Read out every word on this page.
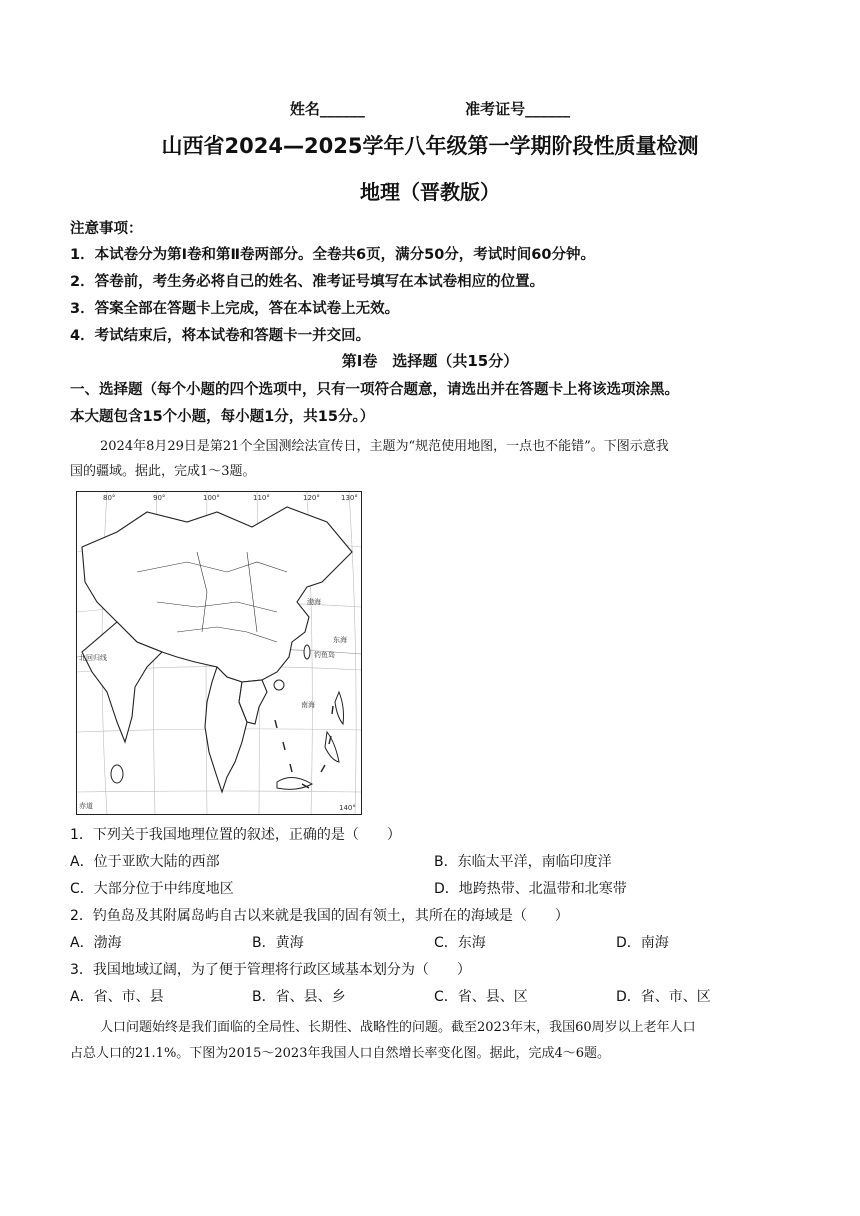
姓名______	准考证号______
山西省2024—2025学年八年级第一学期阶段性质量检测
地理（晋教版）
注意事项：
1．本试卷分为第Ⅰ卷和第Ⅱ卷两部分。全卷共6页，满分50分，考试时间60分钟。
2．答卷前，考生务必将自己的姓名、准考证号填写在本试卷相应的位置。
3．答案全部在答题卡上完成，答在本试卷上无效。
4．考试结束后，将本试卷和答题卡一并交回。
第Ⅰ卷　选择题（共15分）
一、选择题（每个小题的四个选项中，只有一项符合题意，请选出并在答题卡上将该选项涂黑。
本大题包含15个小题，每小题1分，共15分。）
2024年8月29日是第21个全国测绘法宣传日，主题为“规范使用地图，一点也不能错”。下图示意我
国的疆域。据此，完成1～3题。
渤海
东海
钓鱼岛
南海
北回归线
赤道
80°	90°	100°	110°	120°	130°
140°
1．下列关于我国地理位置的叙述，正确的是（　　）
A．位于亚欧大陆的西部	B．东临太平洋，南临印度洋
C．大部分位于中纬度地区	D．地跨热带、北温带和北寒带
2．钓鱼岛及其附属岛屿自古以来就是我国的固有领土，其所在的海域是（　　）
A．渤海	B．黄海	C．东海	D．南海
3．我国地域辽阔，为了便于管理将行政区域基本划分为（　　）
A．省、市、县	B．省、县、乡	C．省、县、区	D．省、市、区
人口问题始终是我们面临的全局性、长期性、战略性的问题。截至2023年末，我国60周岁以上老年人口
占总人口的21.1%。下图为2015～2023年我国人口自然增长率变化图。据此，完成4～6题。
